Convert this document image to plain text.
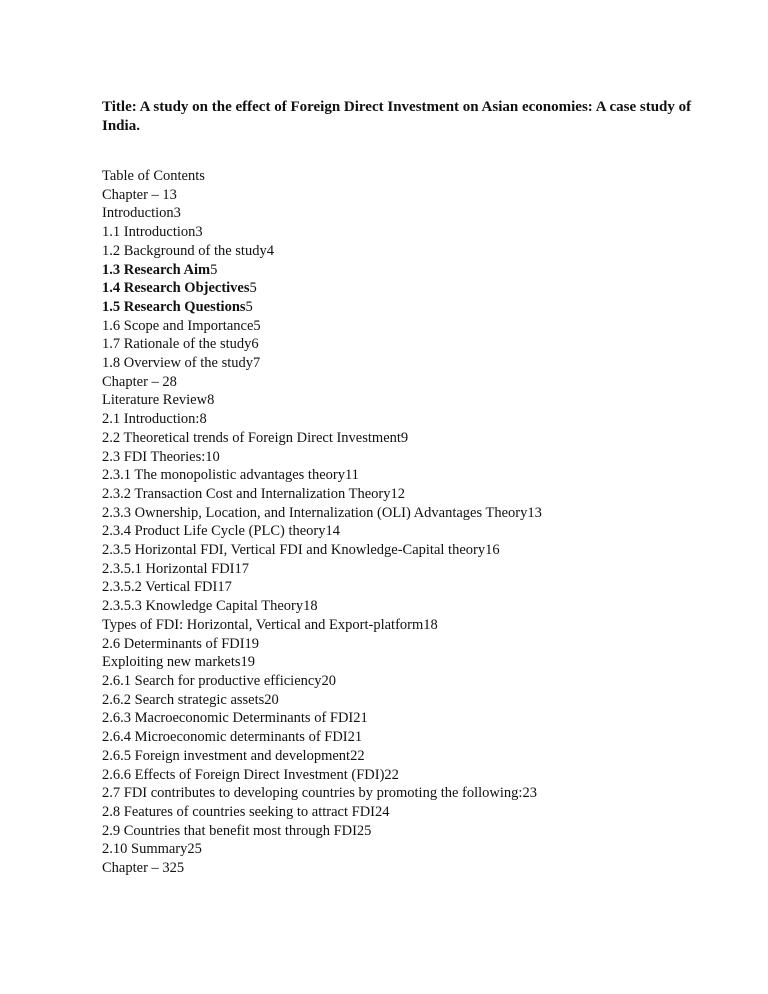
Title: A study on the effect of Foreign Direct Investment on Asian economies: A case study of India.
Table of Contents
Chapter – 13
Introduction3
1.1 Introduction3
1.2 Background of the study4
1.3 Research Aim5
1.4 Research Objectives5
1.5 Research Questions5
1.6 Scope and Importance5
1.7 Rationale of the study6
1.8 Overview of the study7
Chapter – 28
Literature Review8
2.1 Introduction:8
2.2 Theoretical trends of Foreign Direct Investment9
2.3 FDI Theories:10
2.3.1 The monopolistic advantages theory11
2.3.2 Transaction Cost and Internalization Theory12
2.3.3 Ownership, Location, and Internalization (OLI) Advantages Theory13
2.3.4 Product Life Cycle (PLC) theory14
2.3.5 Horizontal FDI, Vertical FDI and Knowledge-Capital theory16
2.3.5.1 Horizontal FDI17
2.3.5.2 Vertical FDI17
2.3.5.3 Knowledge Capital Theory18
Types of FDI: Horizontal, Vertical and Export-platform18
2.6 Determinants of FDI19
Exploiting new markets19
2.6.1 Search for productive efficiency20
2.6.2 Search strategic assets20
2.6.3 Macroeconomic Determinants of FDI21
2.6.4 Microeconomic determinants of FDI21
2.6.5 Foreign investment and development22
2.6.6 Effects of Foreign Direct Investment (FDI)22
2.7 FDI contributes to developing countries by promoting the following:23
2.8 Features of countries seeking to attract FDI24
2.9 Countries that benefit most through FDI25
2.10 Summary25
Chapter – 325
